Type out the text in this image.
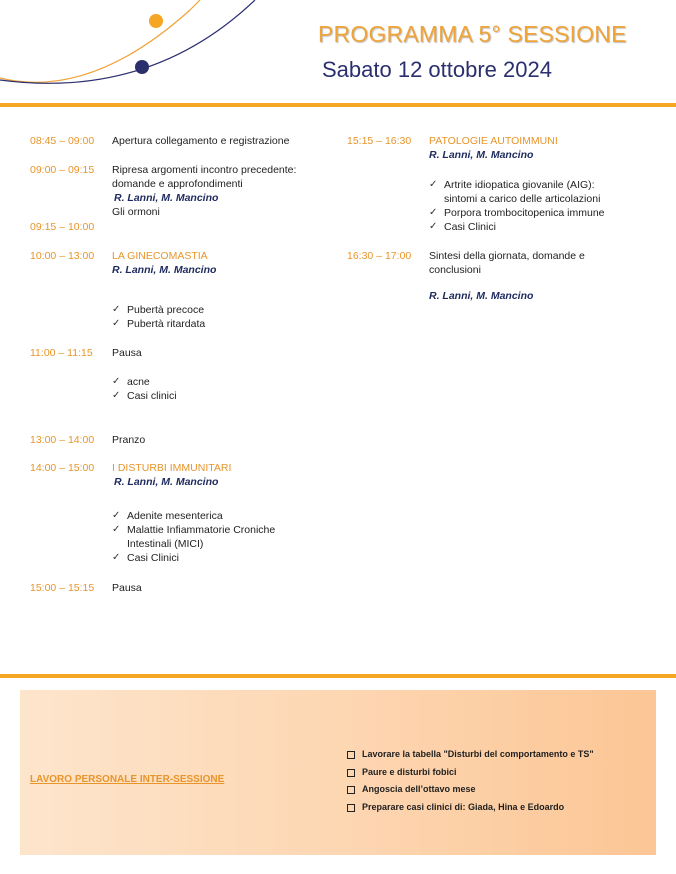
PROGRAMMA 5° SESSIONE
Sabato 12 ottobre 2024
08:45 – 09:00 Apertura collegamento e registrazione
09:00 – 09:15 Ripresa argomenti incontro precedente:
domande e approfondimenti
R. Lanni, M. Mancino
Gli ormoni
09:15 – 10:00
10:00 – 13:00 LA GINECOMASTIA
R. Lanni, M. Mancino
✓ Pubertà precoce
✓ Pubertà ritardata
11:00 – 11:15 Pausa
✓ acne
✓ Casi clinici
13:00 – 14:00 Pranzo
14:00 – 15:00 I DISTURBI IMMUNITARI
R. Lanni, M. Mancino
✓ Adenite mesenterica
✓ Malattie Infiammatorie Croniche
Intestinali (MICI)
✓ Casi Clinici
15:00 – 15:15 Pausa
15:15 – 16:30 PATOLOGIE AUTOIMMUNI
R. Lanni, M. Mancino
✓ Artrite idiopatica giovanile (AIG):
sintomi a carico delle articolazioni
✓ Porpora trombocitopenica immune
✓ Casi Clinici
16:30 – 17:00 Sintesi della giornata, domande e
conclusioni
R. Lanni, M. Mancino
LAVORO PERSONALE INTER-SESSIONE
Lavorare la tabella "Disturbi del comportamento e TS"
Paure e disturbi fobici
Angoscia dell’ottavo mese
Preparare casi clinici di: Giada, Hina e Edoardo
